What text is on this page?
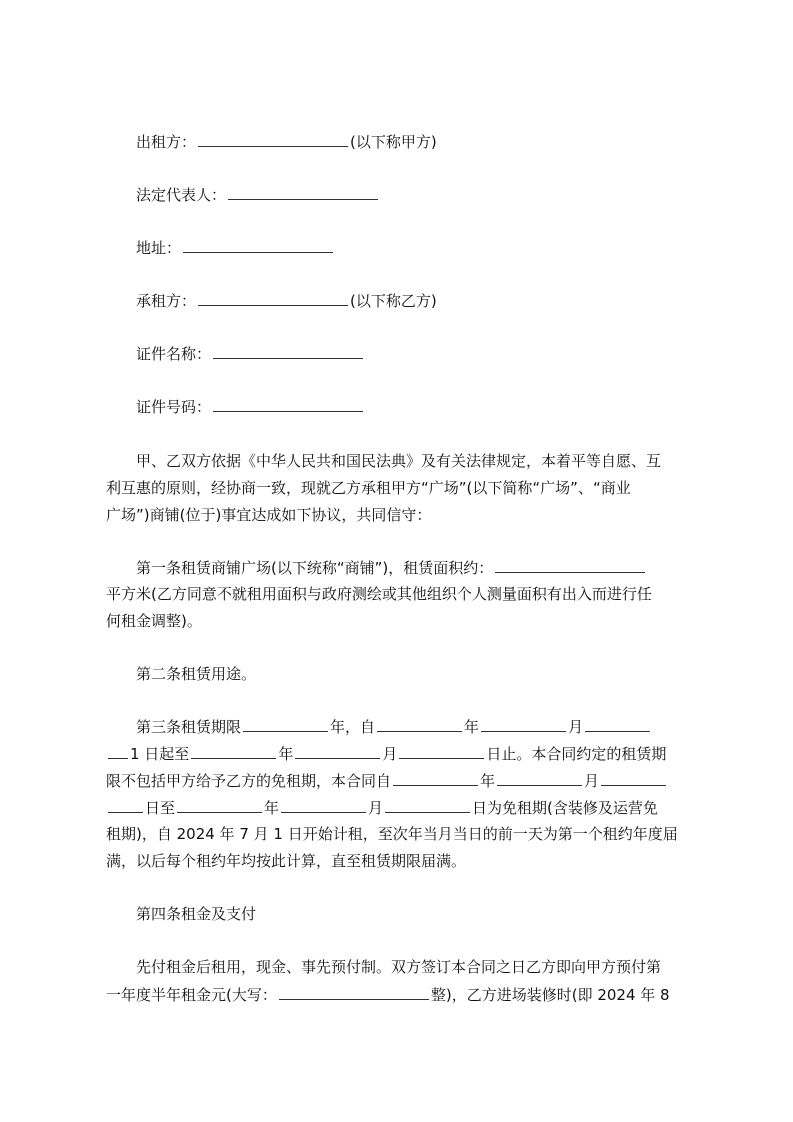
出租方：	(以下称甲方)
法定代表人：
地址：
承租方：	(以下称乙方)
证件名称：
证件号码：
甲、乙双方依据《中华人民共和国民法典》及有关法律规定，本着平等自愿、互
利互惠的原则，经协商一致，现就乙方承租甲方“广场”(以下简称“广场”、“商业
广场”)商铺(位于)事宜达成如下协议，共同信守：
第一条租赁商铺广场(以下统称“商铺”)，租赁面积约：
平方米(乙方同意不就租用面积与政府测绘或其他组织个人测量面积有出入而进行任
何租金调整)。
第二条租赁用途。
第三条租赁期限	年，自	年	月
1 日起至	年	月	日止。本合同约定的租赁期
限不包括甲方给予乙方的免租期，本合同自	年	月
日至	年	月	日为免租期(含装修及运营免
租期)，自 2024 年 7 月 1 日开始计租，至次年当月当日的前一天为第一个租约年度届
满，以后每个租约年均按此计算，直至租赁期限届满。
第四条租金及支付
先付租金后租用，现金、事先预付制。双方签订本合同之日乙方即向甲方预付第
一年度半年租金元(大写：	整)，乙方进场装修时(即 2024 年 8
